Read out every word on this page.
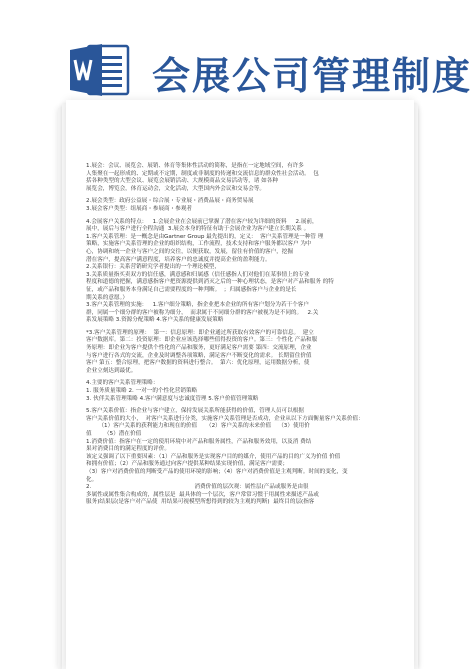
会展公司管理制度

1.展会：会议、展览会、展销、体育等集体性活动的简称，是指在一定地域空间，有许多

人集聚在一起形成的、定期或不定期，制度或非制度的传递和交流信息的群众性社会活动。  包

括各种类型的大型会议、展览会展销活动、大规模商品交易活动等，诸 如各种

展览会，博览会，体育运动会，文化活动，大型国内外会议和交易会等。

2.展会类型：政府公益展・综合展・专业展・消费品展・商务贸易展

3.展会客户类型：组展商・参展商・参观者

4.会展客户关系的特点：   1.会展企业在会展前已掌握了潜在客户较为详细的资料     2.展前，

展中，展后与客户进行全程沟通  3.展会本身的特征有助于会展企业为客户建立长期关系 。

1.客户关系管理：是一概念是由Gartner Group 最先提出的，定义：  客户关系管理是一种管 理

策略，实施客户关系管理的企业的组织结构，工作流程，技术支持和客户服务都以客户 为中

心，协调和统一企业与客户之间的交往，以便获取，发展，留住有价值的客户，挖掘

潜在客户，提高客户满意程度，培养客户的忠诚度并提高企业的盈利能力。

2.关系银行：关系营销研究学者提出的一个理论模型，

3.关系质量指买卖双方的信任感，满意感和归属感（信任感指人们对他们在某事情上的专业

程度和道德的把握，满意感指客户把资源提供到消灭之后的一种心理状态，是客户对产品和服务 的特

征，或产品和服务本身满足自己需要程度的一种判断。  ；归属感指客户与企业的是长

期关系的意愿。）

3.客户关系管理的实施：   1.客户细分策略，指企业把本企业的所有客户划分为若干个客户

群，同属一个细分群的客户被称为细分，  而隶属于不同细分群的客户被视为是不同的。   2.关

系发展策略 3.资源分配策略 4.客户关系的健康发展策略

*3.客户关系管理的原理：  第一：信息原理：即企业通过所获取有效客户的可靠信息。  建立

客户数据库。第二：投资原理：即企业应该选择哪些值得投资的客户。第三：个性化 产品和服

务原理：即企业为客户提供个性化的产品和服务，更好满足客户需要 第四：交流原理，企业

与客户进行各式的交流，企业及时调整各项策略，满足客户不断变化的需求。 长期留住价值

客户 第五：整合原理，把客户数据的资料进行整合。  第六：优化原理，运用数据分析，使

企业立刻达到最优。

4.主要的客户关系管理策略：

1. 服务质量策略 2. 一对一的个性化营销策略

3. 伙伴关系管理策略 4.客户满意度与忠诚度管理 5.客户价值管理策略

5.客户关系价值：指企业与客户建立，保持发展关系所能获得的价值，管理人员可以根据

客户关系价值的大小，  对客户关系进行分类，实施客户关系管理是否成功，企业从以下方面衡量客户关系价值：

（1）客户关系的获利能力和现在的价值     （2）客户关系的未来价值    （3）使用价

值       （5）潜在价值

1.消费价值：指客户在一定的使用环境中对产品和服务属性，产品和服务效用，以及消 费结

果对消费目的的满足程度的评价。

该定义强调了以下重要因素：（1）产品和服务是实现客户目的的媒介，使用产品的目的广义为价值 价值

和拥有价值；（2）产品和服务通过向客户提供某种结果实现价值，满足客户需要；

（3）客户对消费价值的判断受产品的使用环境的影响；（4）客户对消费价值是主观判断。时间的变化，变

化。

2.                                                          消费价值的层次观：属性层(产品或服务是由很

多属性或属性集合构成的，属性层是  最具体的一个层次，客户常常习惯于用属性来描述产品或

服务)结果层(是客户对产品使  用结果可视模型所想得到的较为主观的判断)  最终目的层(指客
